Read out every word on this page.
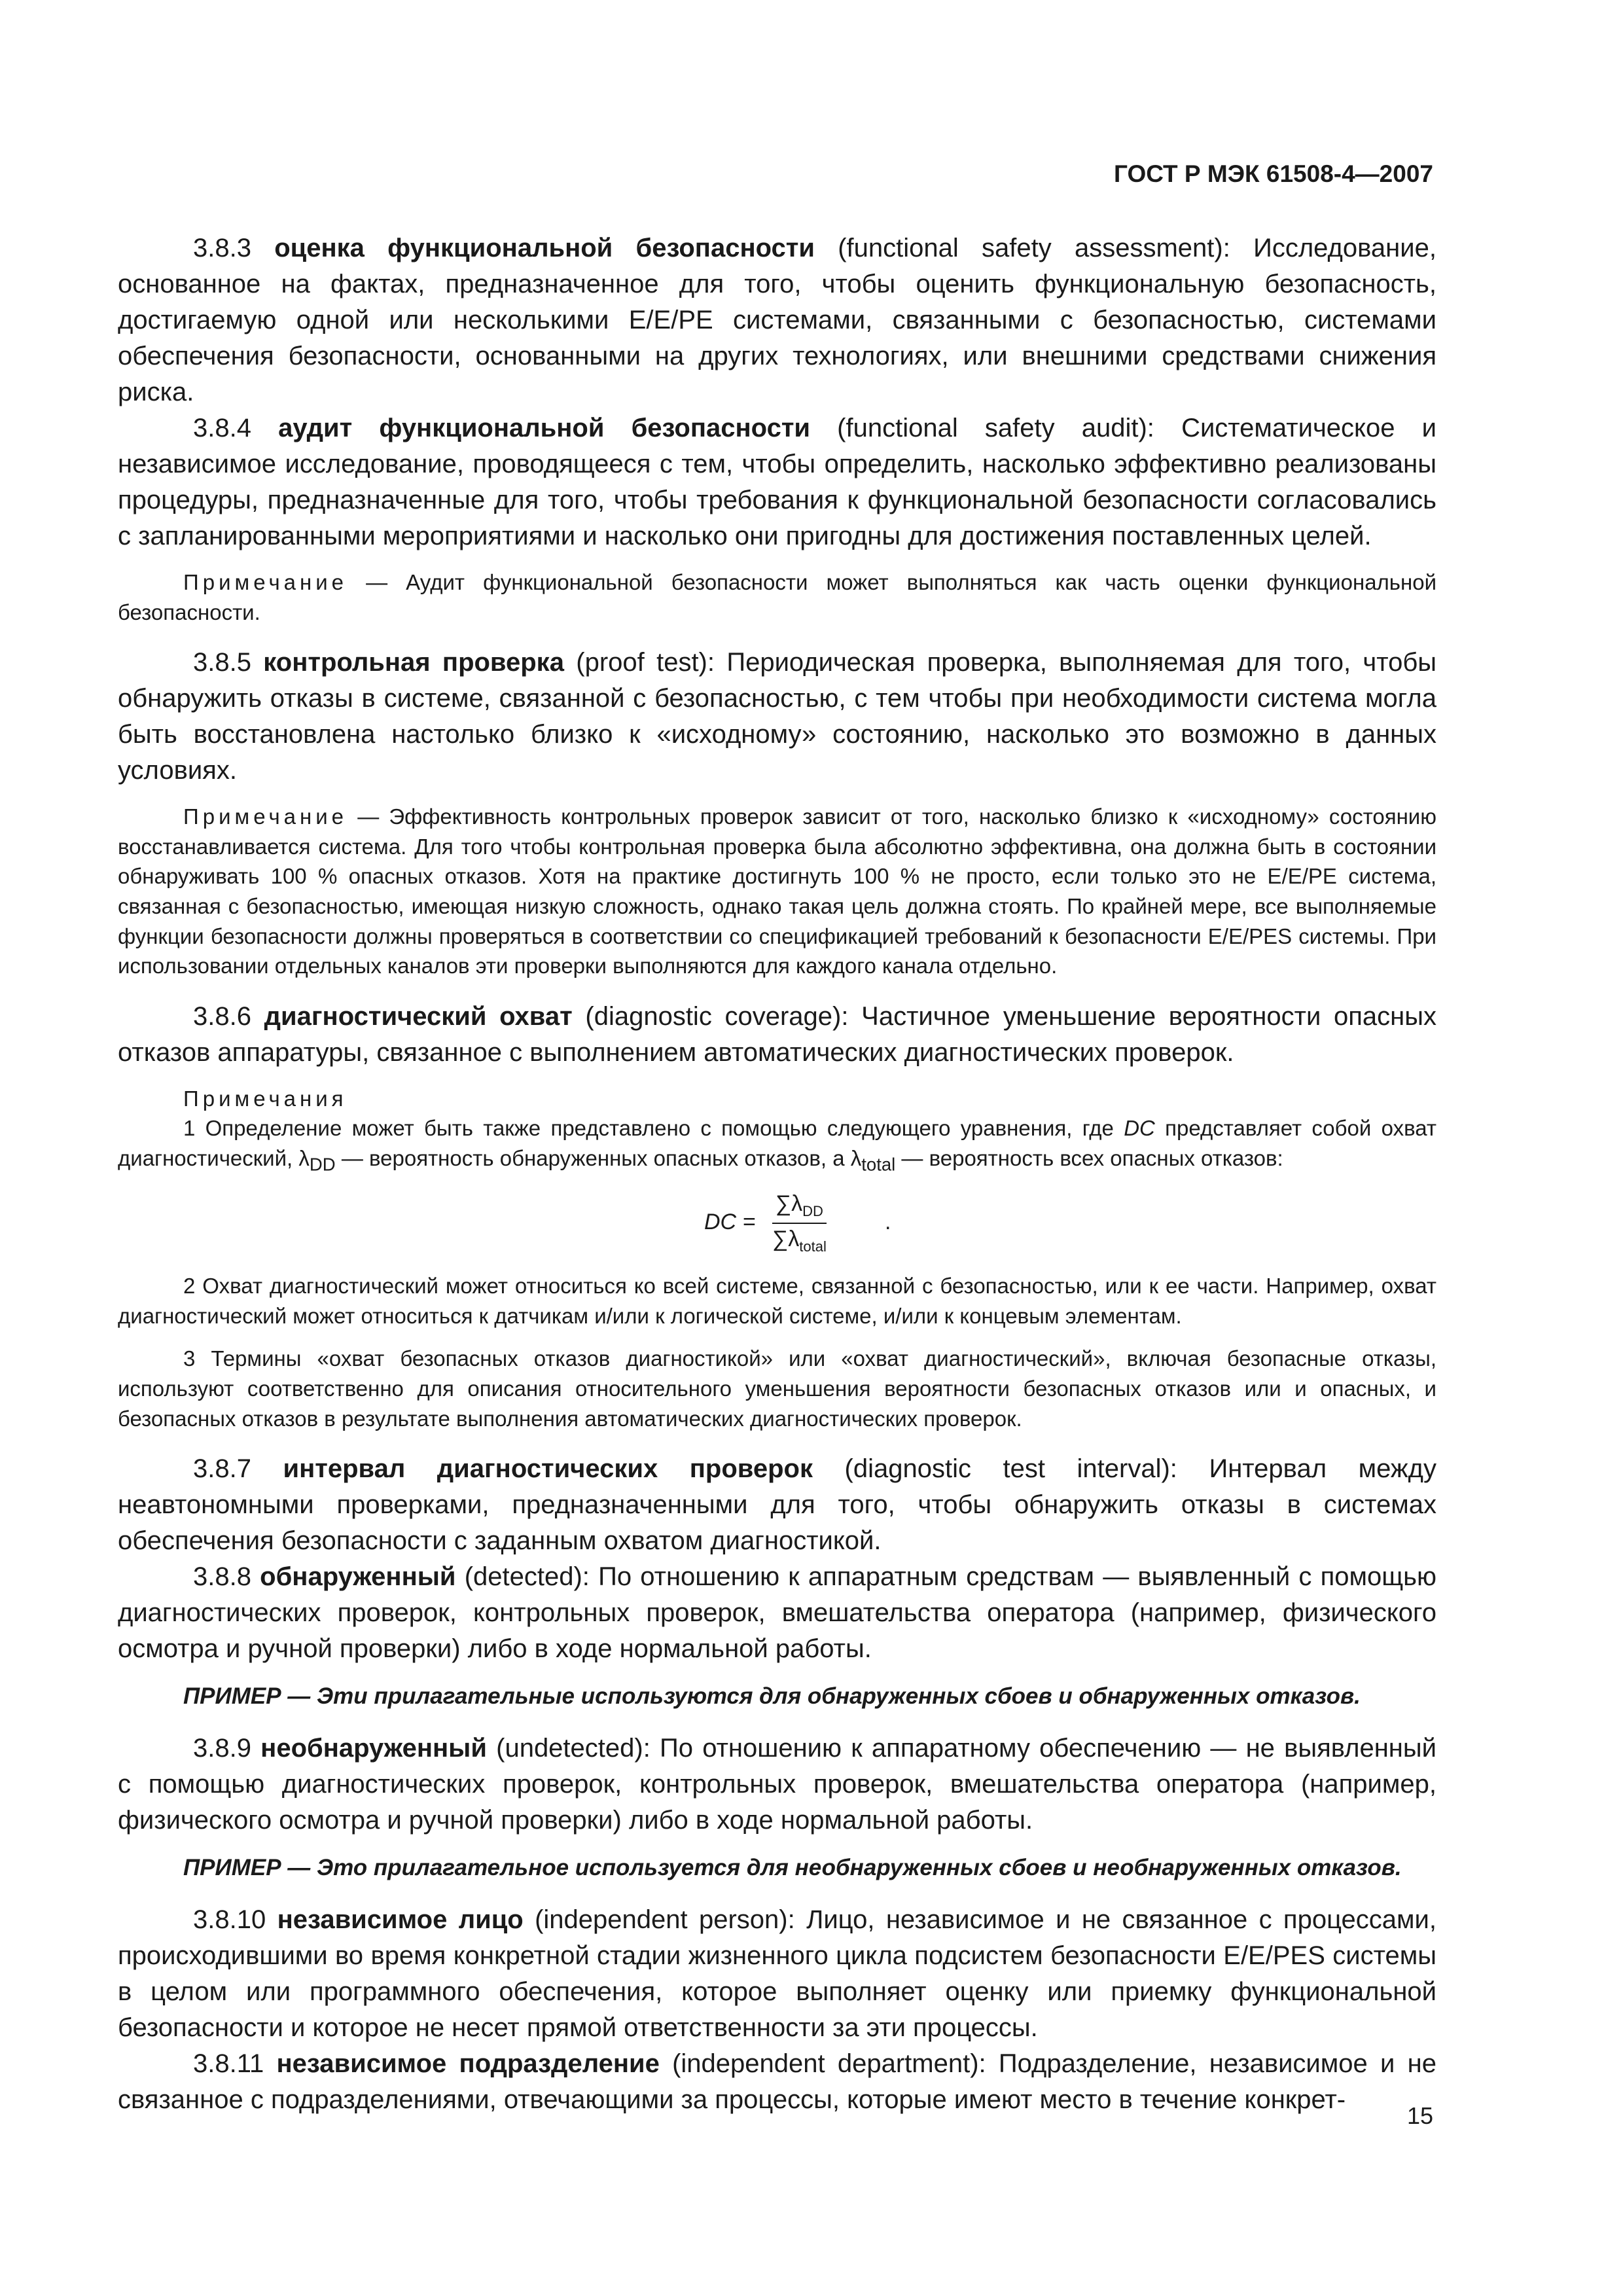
ГОСТ Р МЭК 61508-4—2007

3.8.3 оценка функциональной безопасности (functional safety assessment): Исследование, основанное на фактах, предназначенное для того, чтобы оценить функциональную безопасность, достигаемую одной или несколькими E/E/PE системами, связанными с безопасностью, системами обеспечения безопасности, основанными на других технологиях, или внешними средствами снижения риска.

3.8.4 аудит функциональной безопасности (functional safety audit): Систематическое и независимое исследование, проводящееся с тем, чтобы определить, насколько эффективно реализованы процедуры, предназначенные для того, чтобы требования к функциональной безопасности согласовались с запланированными мероприятиями и насколько они пригодны для достижения поставленных целей.

Примечание — Аудит функциональной безопасности может выполняться как часть оценки функциональной безопасности.

3.8.5 контрольная проверка (proof test): Периодическая проверка, выполняемая для того, чтобы обнаружить отказы в системе, связанной с безопасностью, с тем чтобы при необходимости система могла быть восстановлена настолько близко к «исходному» состоянию, насколько это возможно в данных условиях.

Примечание — Эффективность контрольных проверок зависит от того, насколько близко к «исходному» состоянию восстанавливается система. Для того чтобы контрольная проверка была абсолютно эффективна, она должна быть в состоянии обнаруживать 100 % опасных отказов. Хотя на практике достигнуть 100 % не просто, если только это не E/E/PE система, связанная с безопасностью, имеющая низкую сложность, однако такая цель должна стоять. По крайней мере, все выполняемые функции безопасности должны проверяться в соответствии со спецификацией требований к безопасности E/E/PES системы. При использовании отдельных каналов эти проверки выполняются для каждого канала отдельно.

3.8.6 диагностический охват (diagnostic coverage): Частичное уменьшение вероятности опасных отказов аппаратуры, связанное с выполнением автоматических диагностических проверок.

Примечания

1 Определение может быть также представлено с помощью следующего уравнения, где DC представляет собой охват диагностический, $\lambda_{DD}$ — вероятность обнаруженных опасных отказов, а $\lambda_{total}$ — вероятность всех опасных отказов:

DC =
$\sum\lambda_{DD}$
$\sum\lambda_{total}$
.

2 Охват диагностический может относиться ко всей системе, связанной с безопасностью, или к ее части. Например, охват диагностический может относиться к датчикам и/или к логической системе, и/или к концевым элементам.

3 Термины «охват безопасных отказов диагностикой» или «охват диагностический», включая безопасные отказы, используют соответственно для описания относительного уменьшения вероятности безопасных отказов или и опасных, и безопасных отказов в результате выполнения автоматических диагностических проверок.

3.8.7 интервал диагностических проверок (diagnostic test interval): Интервал между неавтономными проверками, предназначенными для того, чтобы обнаружить отказы в системах обеспечения безопасности с заданным охватом диагностикой.

3.8.8 обнаруженный (detected): По отношению к аппаратным средствам — выявленный с помощью диагностических проверок, контрольных проверок, вмешательства оператора (например, физического осмотра и ручной проверки) либо в ходе нормальной работы.

ПРИМЕР — Эти прилагательные используются для обнаруженных сбоев и обнаруженных отказов.

3.8.9 необнаруженный (undetected): По отношению к аппаратному обеспечению — не выявленный с помощью диагностических проверок, контрольных проверок, вмешательства оператора (например, физического осмотра и ручной проверки) либо в ходе нормальной работы.

ПРИМЕР — Это прилагательное используется для необнаруженных сбоев и необнаруженных отказов.

3.8.10 независимое лицо (independent person): Лицо, независимое и не связанное с процессами, происходившими во время конкретной стадии жизненного цикла подсистем безопасности E/E/PES системы в целом или программного обеспечения, которое выполняет оценку или приемку функциональной безопасности и которое не несет прямой ответственности за эти процессы.

3.8.11 независимое подразделение (independent department): Подразделение, независимое и не связанное с подразделениями, отвечающими за процессы, которые имеют место в течение конкрет-

15
